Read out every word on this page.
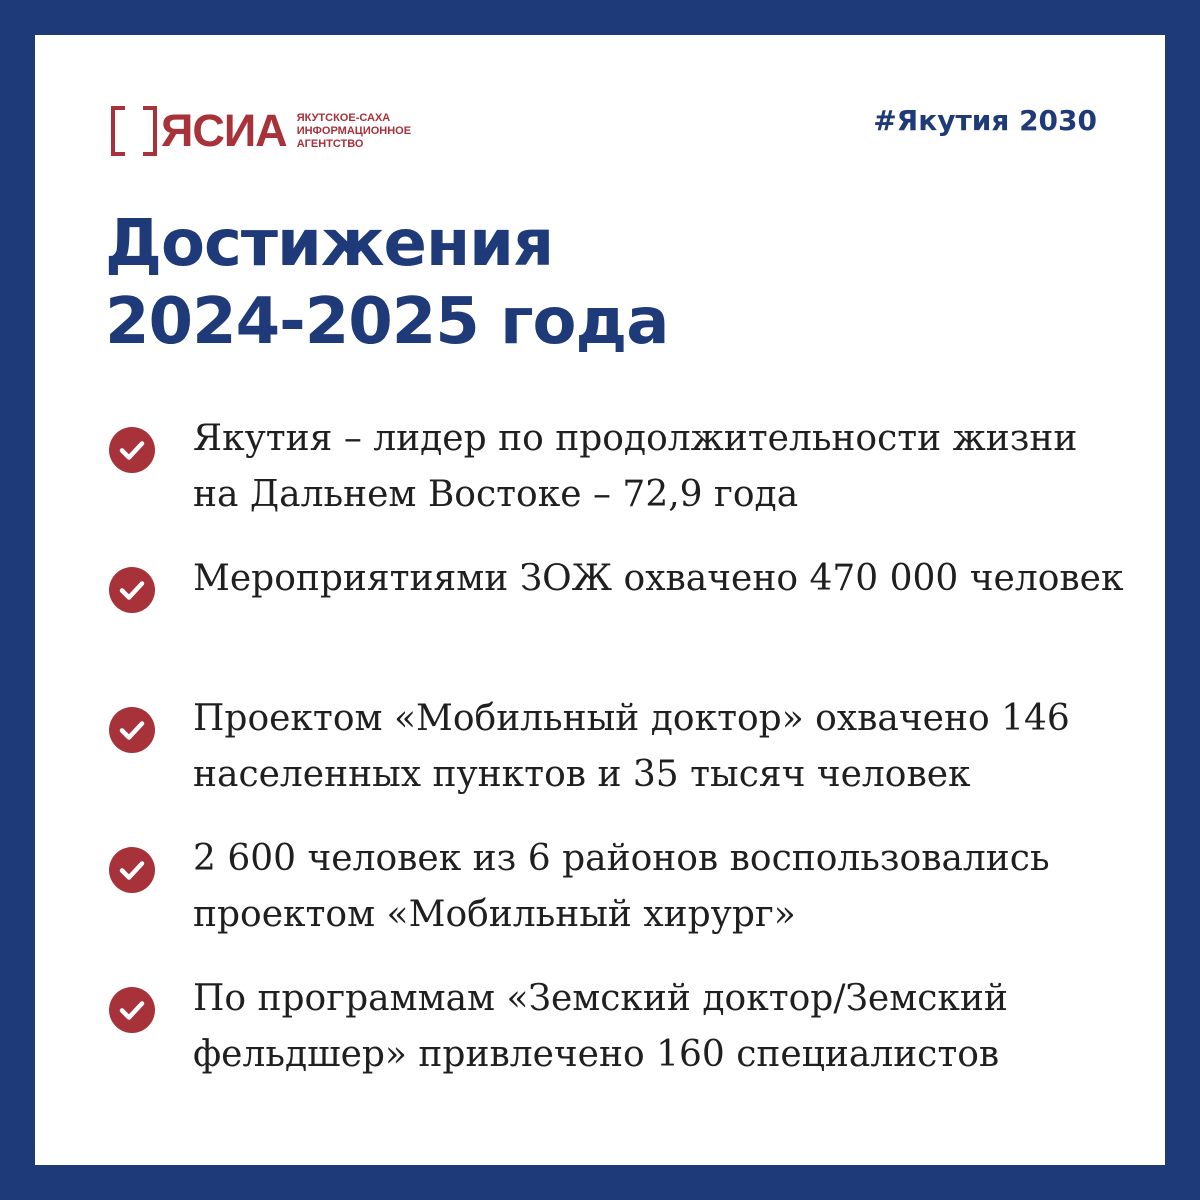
ЯСИА ЯКУТСКОЕ-САХА ИНФОРМАЦИОННОЕ АГЕНТСТВО
#Якутия 2030
Достижения
2024-2025 года
Якутия – лидер по продолжительности жизни на Дальнем Востоке – 72,9 года
Мероприятиями ЗОЖ охвачено 470 000 человек
Проектом «Мобильный доктор» охвачено 146 населенных пунктов и 35 тысяч человек
2 600 человек из 6 районов воспользовались проектом «Мобильный хирург»
По программам «Земский доктор/Земский фельдшер» привлечено 160 специалистов
